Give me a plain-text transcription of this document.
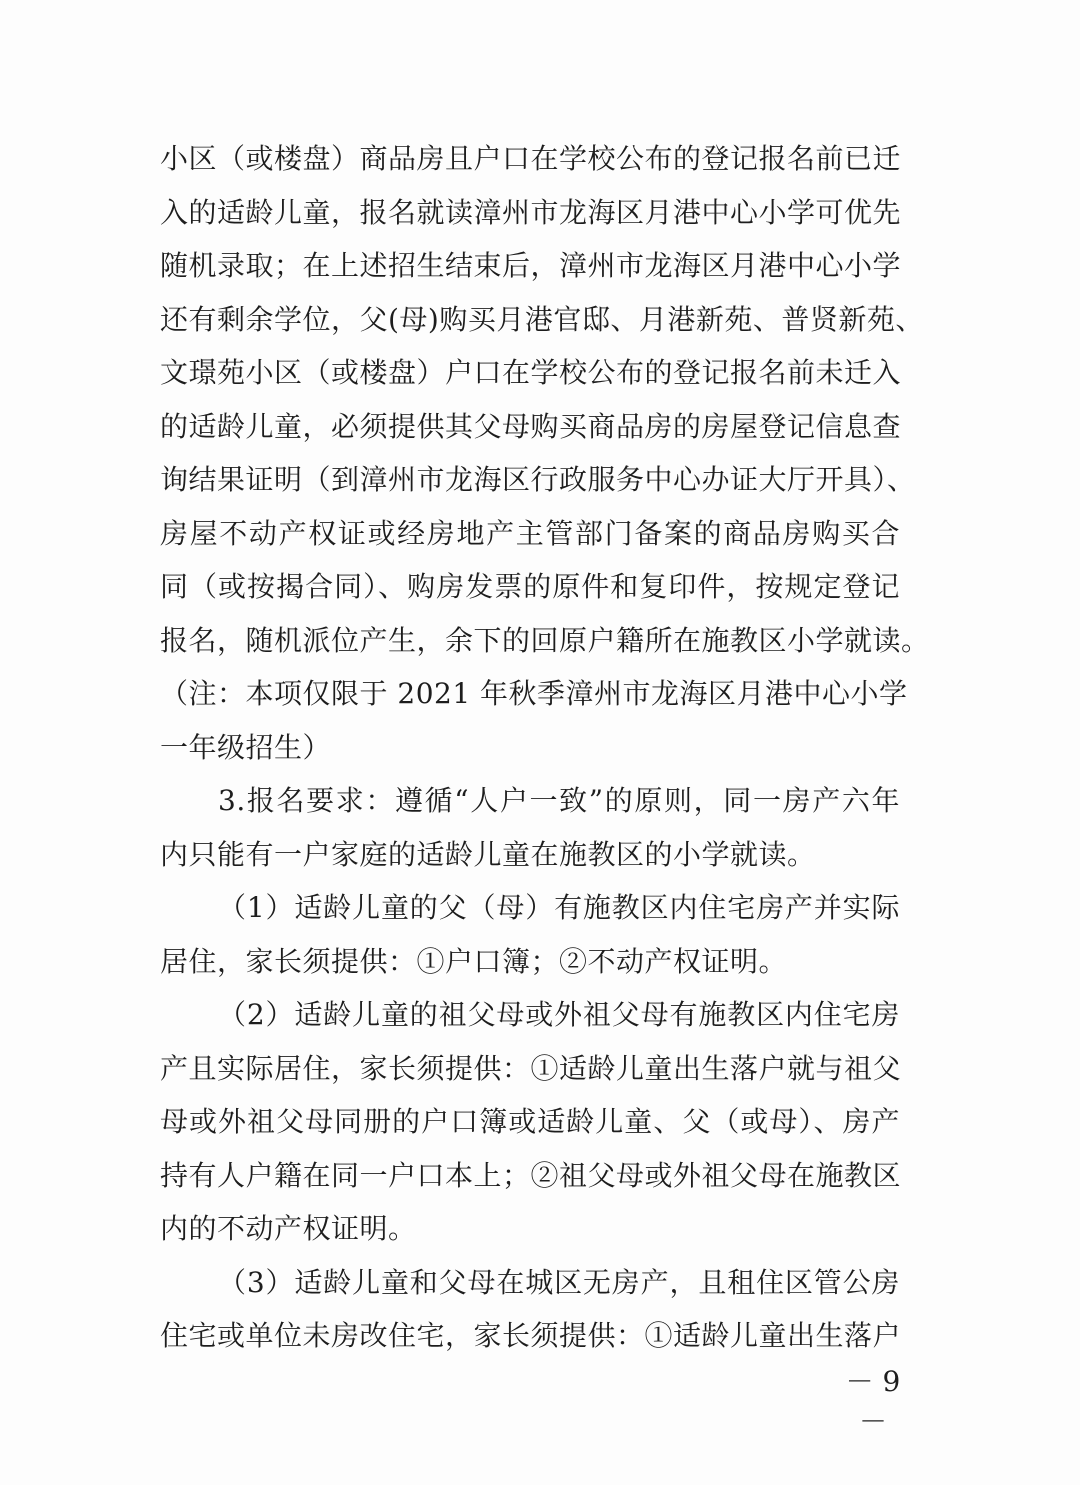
小区（或楼盘）商品房且户口在学校公布的登记报名前已迁
入的适龄儿童，报名就读漳州市龙海区月港中心小学可优先
随机录取；在上述招生结束后，漳州市龙海区月港中心小学
还有剩余学位，父(母)购买月港官邸、月港新苑、普贤新苑、
文璟苑小区（或楼盘）户口在学校公布的登记报名前未迁入
的适龄儿童，必须提供其父母购买商品房的房屋登记信息查
询结果证明（到漳州市龙海区行政服务中心办证大厅开具）、
房屋不动产权证或经房地产主管部门备案的商品房购买合
同（或按揭合同）、购房发票的原件和复印件，按规定登记
报名，随机派位产生，余下的回原户籍所在施教区小学就读。
（注：本项仅限于 2021 年秋季漳州市龙海区月港中心小学
一年级招生）
3.报名要求：遵循“人户一致”的原则，同一房产六年
内只能有一户家庭的适龄儿童在施教区的小学就读。
（1）适龄儿童的父（母）有施教区内住宅房产并实际
居住，家长须提供：①户口簿；②不动产权证明。
（2）适龄儿童的祖父母或外祖父母有施教区内住宅房
产且实际居住，家长须提供：①适龄儿童出生落户就与祖父
母或外祖父母同册的户口簿或适龄儿童、父（或母）、房产
持有人户籍在同一户口本上；②祖父母或外祖父母在施教区
内的不动产权证明。
（3）适龄儿童和父母在城区无房产，且租住区管公房
住宅或单位未房改住宅，家长须提供：①适龄儿童出生落户
－ 9 －
